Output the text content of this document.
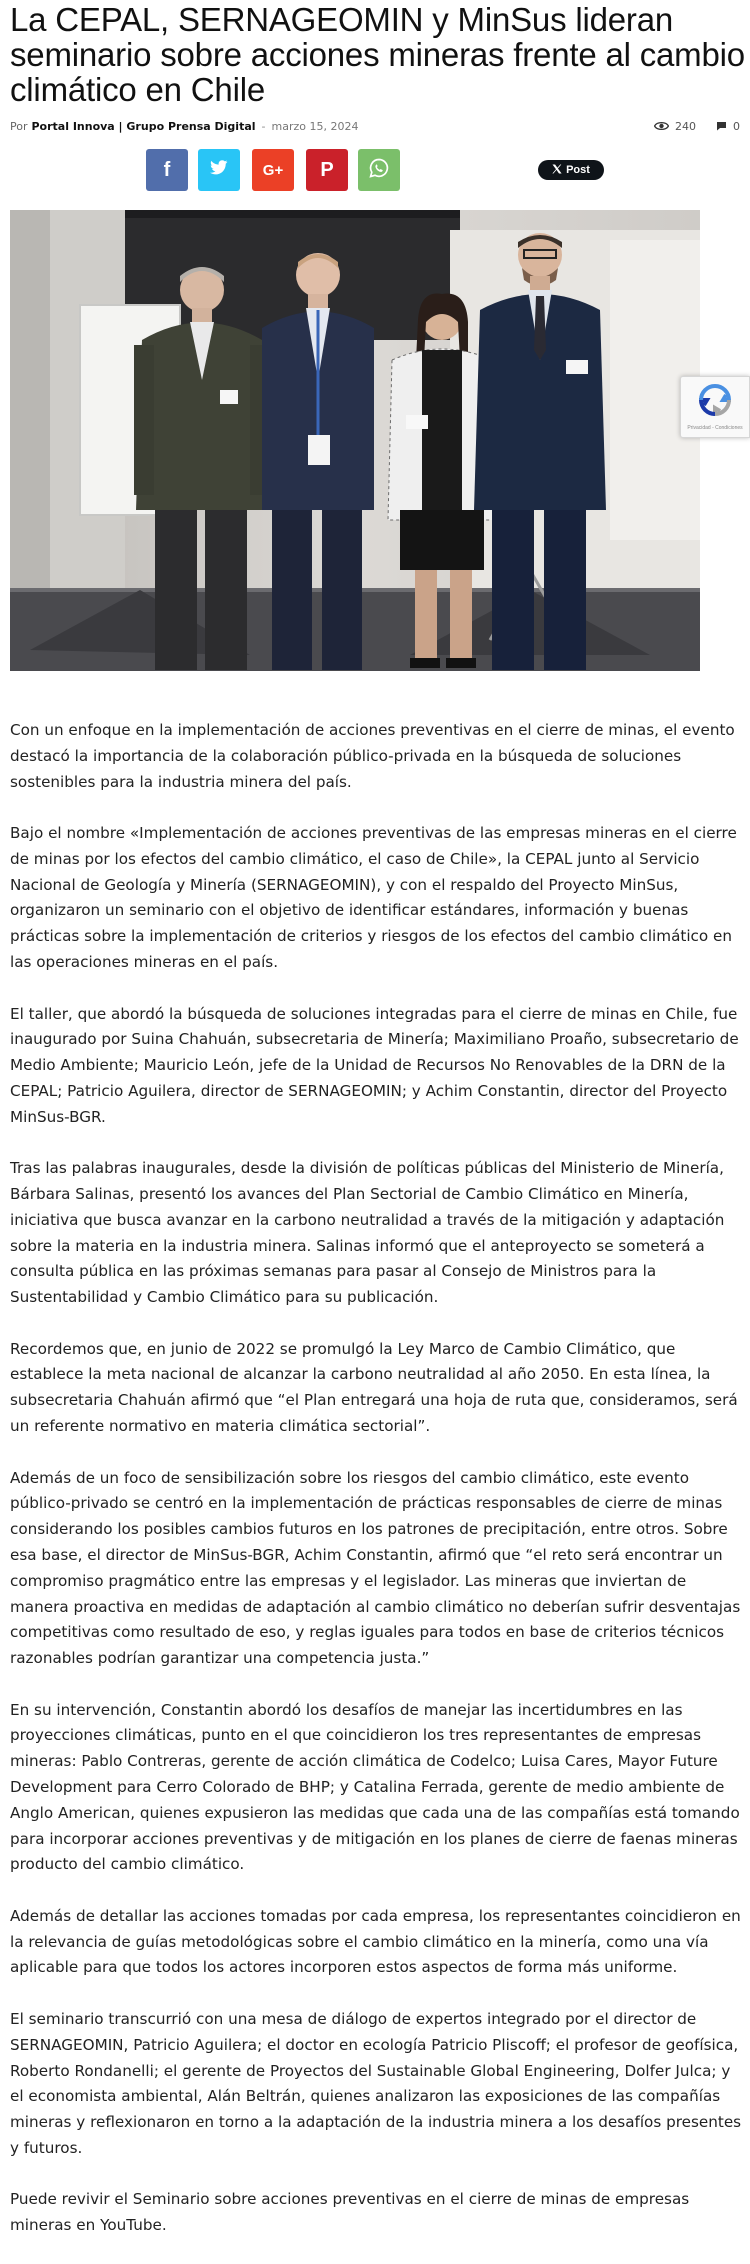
La CEPAL, SERNAGEOMIN y MinSus lideran seminario sobre acciones mineras frente al cambio climático en Chile
Por Portal Innova | Grupo Prensa Digital - marzo 15, 2024	240	0
f	G+ P	Post
Privacidad - Condiciones

Con un enfoque en la implementación de acciones preventivas en el cierre de minas, el evento destacó la importancia de la colaboración público-privada en la búsqueda de soluciones sostenibles para la industria minera del país.

Bajo el nombre «Implementación de acciones preventivas de las empresas mineras en el cierre de minas por los efectos del cambio climático, el caso de Chile», la CEPAL junto al Servicio Nacional de Geología y Minería (SERNAGEOMIN), y con el respaldo del Proyecto MinSus, organizaron un seminario con el objetivo de identificar estándares, información y buenas prácticas sobre la implementación de criterios y riesgos de los efectos del cambio climático en las operaciones mineras en el país.

El taller, que abordó la búsqueda de soluciones integradas para el cierre de minas en Chile, fue inaugurado por Suina Chahuán, subsecretaria de Minería; Maximiliano Proaño, subsecretario de Medio Ambiente; Mauricio León, jefe de la Unidad de Recursos No Renovables de la DRN de la CEPAL; Patricio Aguilera, director de SERNAGEOMIN; y Achim Constantin, director del Proyecto MinSus-BGR.

Tras las palabras inaugurales, desde la división de políticas públicas del Ministerio de Minería, Bárbara Salinas, presentó los avances del Plan Sectorial de Cambio Climático en Minería, iniciativa que busca avanzar en la carbono neutralidad a través de la mitigación y adaptación sobre la materia en la industria minera. Salinas informó que el anteproyecto se someterá a consulta pública en las próximas semanas para pasar al Consejo de Ministros para la Sustentabilidad y Cambio Climático para su publicación.

Recordemos que, en junio de 2022 se promulgó la Ley Marco de Cambio Climático, que establece la meta nacional de alcanzar la carbono neutralidad al año 2050. En esta línea, la subsecretaria Chahuán afirmó que “el Plan entregará una hoja de ruta que, consideramos, será un referente normativo en materia climática sectorial”.

Además de un foco de sensibilización sobre los riesgos del cambio climático, este evento público-privado se centró en la implementación de prácticas responsables de cierre de minas considerando los posibles cambios futuros en los patrones de precipitación, entre otros. Sobre esa base, el director de MinSus-BGR, Achim Constantin, afirmó que “el reto será encontrar un compromiso pragmático entre las empresas y el legislador. Las mineras que inviertan de manera proactiva en medidas de adaptación al cambio climático no deberían sufrir desventajas competitivas como resultado de eso, y reglas iguales para todos en base de criterios técnicos razonables podrían garantizar una competencia justa.”

En su intervención, Constantin abordó los desafíos de manejar las incertidumbres en las proyecciones climáticas, punto en el que coincidieron los tres representantes de empresas mineras: Pablo Contreras, gerente de acción climática de Codelco; Luisa Cares, Mayor Future Development para Cerro Colorado de BHP; y Catalina Ferrada, gerente de medio ambiente de Anglo American, quienes expusieron las medidas que cada una de las compañías está tomando para incorporar acciones preventivas y de mitigación en los planes de cierre de faenas mineras producto del cambio climático.

Además de detallar las acciones tomadas por cada empresa, los representantes coincidieron en la relevancia de guías metodológicas sobre el cambio climático en la minería, como una vía aplicable para que todos los actores incorporen estos aspectos de forma más uniforme.

El seminario transcurrió con una mesa de diálogo de expertos integrado por el director de SERNAGEOMIN, Patricio Aguilera; el doctor en ecología Patricio Pliscoff; el profesor de geofísica, Roberto Rondanelli; el gerente de Proyectos del Sustainable Global Engineering, Dolfer Julca; y el economista ambiental, Alán Beltrán, quienes analizaron las exposiciones de las compañías mineras y reflexionaron en torno a la adaptación de la industria minera a los desafíos presentes y futuros.

Puede revivir el Seminario sobre acciones preventivas en el cierre de minas de empresas mineras en YouTube.
